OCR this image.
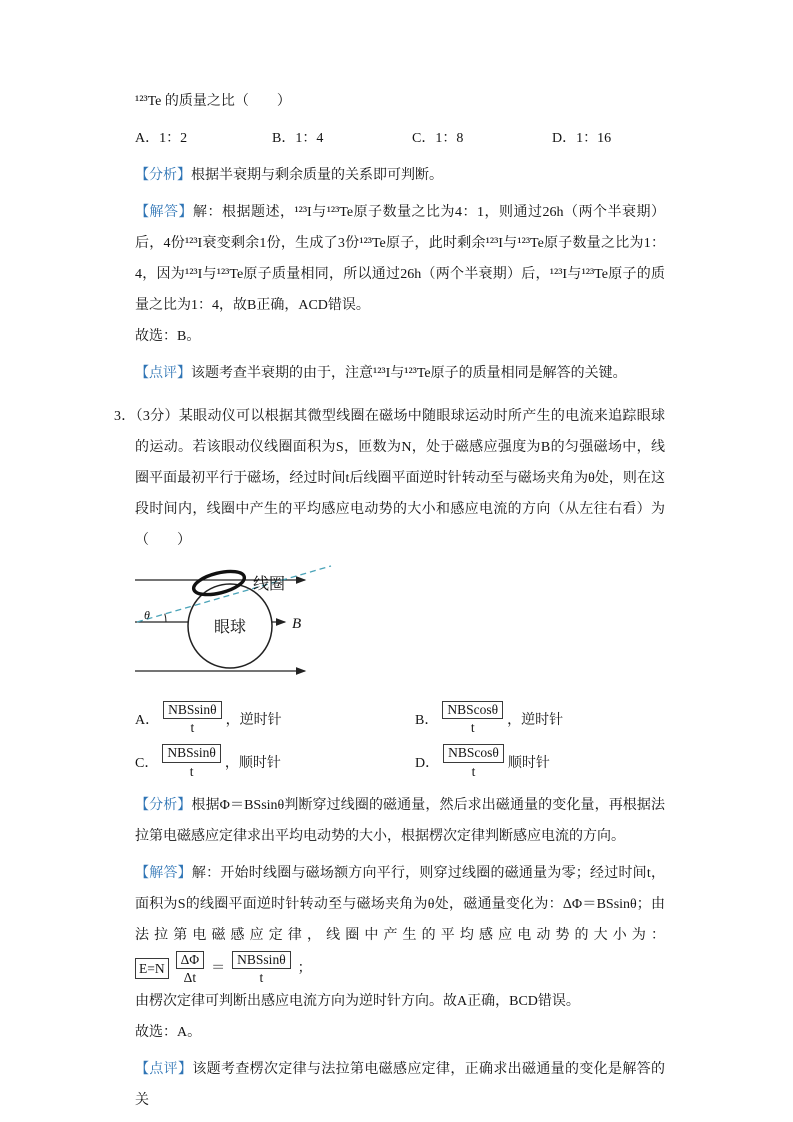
¹²³Te 的质量之比（　　）

A．1：2	B．1：4	C．1：8	D．1：16

【分析】根据半衰期与剩余质量的关系即可判断。

【解答】解：根据题述，¹²³I与¹²³Te原子数量之比为4：1，则通过26h（两个半衰期）后，4份¹²³I衰变剩余1份，生成了3份¹²³Te原子，此时剩余¹²³I与¹²³Te原子数量之比为1：4，因为¹²³I与¹²³Te原子质量相同，所以通过26h（两个半衰期）后，¹²³I与¹²³Te原子的质量之比为1：4，故B正确，ACD错误。

故选：B。

【点评】该题考查半衰期的由于，注意¹²³I与¹²³Te原子的质量相同是解答的关键。

3．（3分）某眼动仪可以根据其微型线圈在磁场中随眼球运动时所产生的电流来追踪眼球的运动。若该眼动仪线圈面积为S，匝数为N，处于磁感应强度为B的匀强磁场中，线圈平面最初平行于磁场，经过时间t后线圈平面逆时针转动至与磁场夹角为θ处，则在这段时间内，线圈中产生的平均感应电动势的大小和感应电流的方向（从左往右看）为（　　）

线圈
眼球	B
θ
A． $\frac{\text{NBSsinθ}}{t}$ ，逆时针	B． $\frac{\text{NBScosθ}}{t}$ ，逆时针
C． $\frac{\text{NBSsinθ}}{t}$ ，顺时针	D． $\frac{\text{NBScosθ}}{t}$ 顺时针

【分析】根据Φ＝BSsinθ判断穿过线圈的磁通量，然后求出磁通量的变化量，再根据法拉第电磁感应定律求出平均电动势的大小，根据楞次定律判断感应电流的方向。

【解答】解：开始时线圈与磁场额方向平行，则穿过线圈的磁通量为零；经过时间t，面积为S的线圈平面逆时针转动至与磁场夹角为θ处，磁通量变化为：ΔΦ＝BSsinθ；由法拉第电磁感应定律，线圈中产生的平均感应电动势的大小为：
$E=N \frac{\Delta\Phi}{\Delta t} = \frac{\text{NBSsinθ}}{t}$ ；

由楞次定律可判断出感应电流方向为逆时针方向。故A正确，BCD错误。

故选：A。

【点评】该题考查楞次定律与法拉第电磁感应定律，正确求出磁通量的变化是解答的关
